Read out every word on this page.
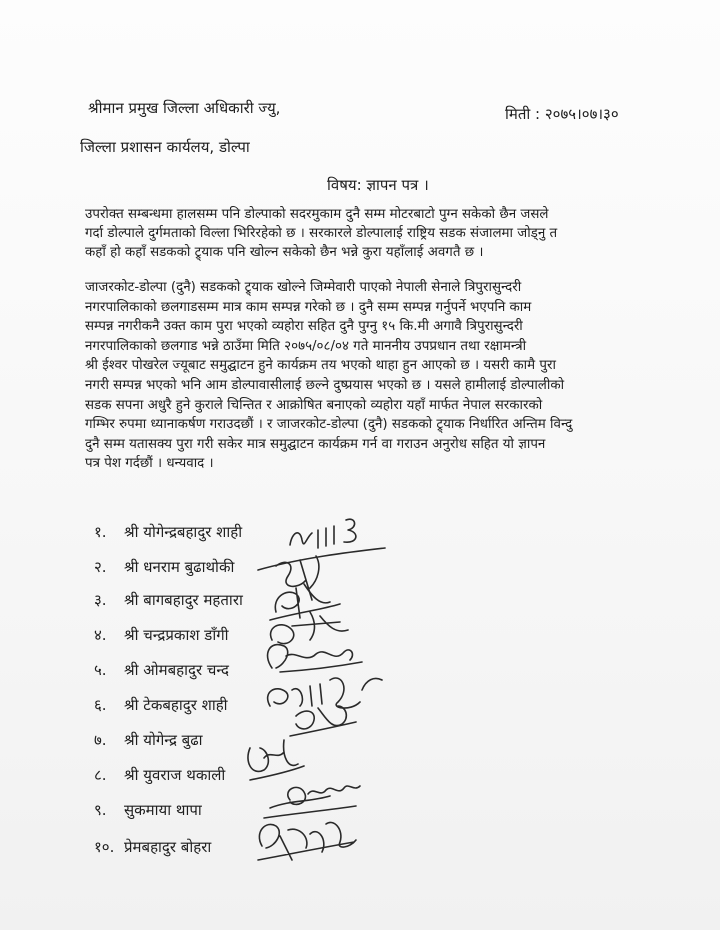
श्रीमान प्रमुख जिल्ला अधिकारी ज्यु,	मिती : २०७५।०७।३०
जिल्ला प्रशासन कार्यलय, डोल्पा
विषय: ज्ञापन पत्र ।
उपरोक्त सम्बन्धमा हालसम्म पनि डोल्पाको सदरमुकाम दुनै सम्म मोटरबाटो पुग्न सकेको छैन जसले
गर्दा डोल्पाले दुर्गमताको विल्ला भिरिरहेको छ । सरकारले डोल्पालाई राष्ट्रिय सडक संजालमा जोड्नु त
कहाँ हो कहाँ सडकको ट्र्याक पनि खोल्न सकेको छैन भन्ने कुरा यहाँलाई अवगतै छ ।
जाजरकोट-डोल्पा (दुनै) सडकको ट्र्याक खोल्ने जिम्मेवारी पाएको नेपाली सेनाले त्रिपुरासुन्दरी
नगरपालिकाको छलगाडसम्म मात्र काम सम्पन्न गरेको छ । दुनै सम्म सम्पन्न गर्नुपर्ने भएपनि काम
सम्पन्न नगरीकनै उक्त काम पुरा भएको व्यहोरा सहित दुनै पुग्नु १५ कि.मी अगावै त्रिपुरासुन्दरी
नगरपालिकाको छलगाड भन्ने ठाउँमा मिति २०७५/०८/०४ गते माननीय उपप्रधान तथा रक्षामन्त्री
श्री ईश्वर पोखरेल ज्यूबाट समुद्घाटन हुने कार्यक्रम तय भएको थाहा हुन आएको छ । यसरी कामै पुरा
नगरी सम्पन्न भएको भनि आम डोल्पावासीलाई छल्ने दुष्प्रयास भएको छ । यसले हामीलाई डोल्पालीको
सडक सपना अधुरै हुने कुराले चिन्तित र आक्रोषित बनाएको व्यहोरा यहाँ मार्फत नेपाल सरकारको
गम्भिर रुपमा ध्यानाकर्षण गराउदछौं । र जाजरकोट-डोल्पा (दुनै) सडकको ट्र्याक निर्धारित अन्तिम विन्दु
दुनै सम्म यतासक्य पुरा गरी सकेर मात्र समुद्घाटन कार्यक्रम गर्न वा गराउन अनुरोध सहित यो ज्ञापन
पत्र पेश गर्दछौं । धन्यवाद ।
१. श्री योगेन्द्रबहादुर शाही
२. श्री धनराम बुढाथोकी
३. श्री बागबहादुर महतारा
४. श्री चन्द्रप्रकाश डाँगी
५. श्री ओमबहादुर चन्द
६. श्री टेकबहादुर शाही
७. श्री योगेन्द्र बुढा
८. श्री युवराज थकाली
९. सुकमाया थापा
१०. प्रेमबहादुर बोहरा
